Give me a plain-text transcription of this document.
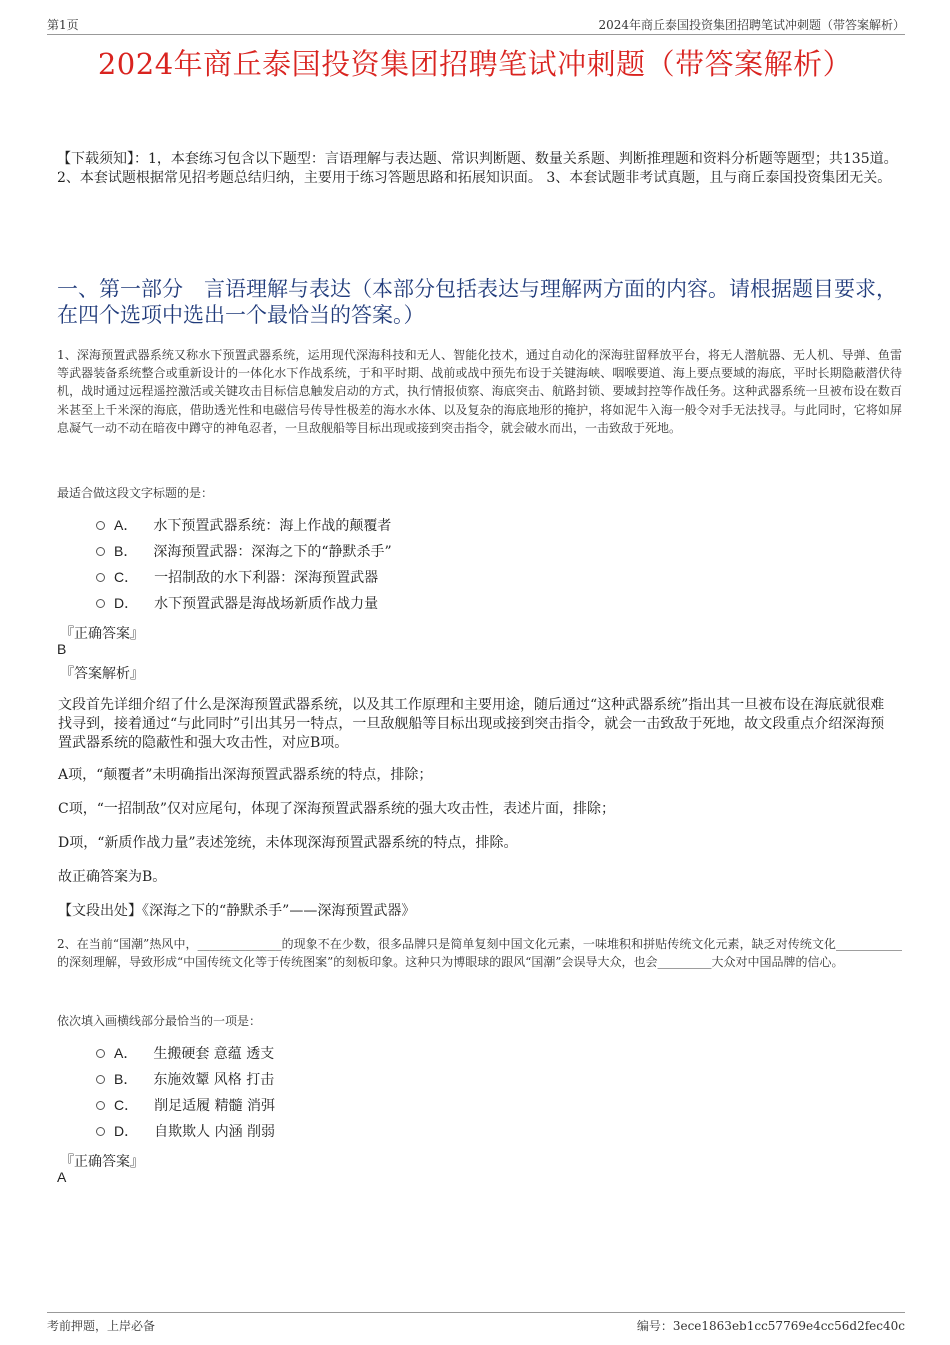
第1页	2024年商丘泰国投资集团招聘笔试冲刺题（带答案解析）
2024年商丘泰国投资集团招聘笔试冲刺题（带答案解析）
【下载须知】：1，本套练习包含以下题型：言语理解与表达题、常识判断题、数量关系题、判断推理题和资料分析题等题型；共135道。 2、本套试题根据常见招考题总结归纳，主要用于练习答题思路和拓展知识面。 3、本套试题非考试真题，且与商丘泰国投资集团无关。
一、第一部分　言语理解与表达（本部分包括表达与理解两方面的内容。请根据题目要求，在四个选项中选出一个最恰当的答案。）
1、深海预置武器系统又称水下预置武器系统，运用现代深海科技和无人、智能化技术，通过自动化的深海驻留释放平台，将无人潜航器、无人机、导弹、鱼雷等武器装备系统整合或重新设计的一体化水下作战系统，于和平时期、战前或战中预先布设于关键海峡、咽喉要道、海上要点要域的海底，平时长期隐蔽潜伏待机，战时通过远程遥控激活或关键攻击目标信息触发启动的方式，执行情报侦察、海底突击、航路封锁、要域封控等作战任务。这种武器系统一旦被布设在数百米甚至上千米深的海底，借助透光性和电磁信号传导性极差的海水水体、以及复杂的海底地形的掩护，将如泥牛入海一般令对手无法找寻。与此同时，它将如屏息凝气一动不动在暗夜中蹲守的神龟忍者，一旦敌舰船等目标出现或接到突击指令，就会破水而出，一击致敌于死地。
最适合做这段文字标题的是：
A． 水下预置武器系统：海上作战的颠覆者
B． 深海预置武器：深海之下的“静默杀手”
C． 一招制敌的水下利器：深海预置武器
D． 水下预置武器是海战场新质作战力量
『正确答案』
B
『答案解析』
文段首先详细介绍了什么是深海预置武器系统，以及其工作原理和主要用途，随后通过“这种武器系统”指出其一旦被布设在海底就很难找寻到，接着通过“与此同时”引出其另一特点，一旦敌舰船等目标出现或接到突击指令，就会一击致敌于死地，故文段重点介绍深海预置武器系统的隐蔽性和强大攻击性，对应B项。
A项，“颠覆者”未明确指出深海预置武器系统的特点，排除；
C项，“一招制敌”仅对应尾句，体现了深海预置武器系统的强大攻击性，表述片面，排除；
D项，“新质作战力量”表述笼统，未体现深海预置武器系统的特点，排除。
故正确答案为B。
【文段出处】《深海之下的“静默杀手”——深海预置武器》
2、在当前“国潮”热风中，______________的现象不在少数，很多品牌只是简单复刻中国文化元素，一味堆积和拼贴传统文化元素，缺乏对传统文化___________的深刻理解，导致形成“中国传统文化等于传统图案”的刻板印象。这种只为博眼球的跟风“国潮”会误导大众，也会_________大众对中国品牌的信心。
依次填入画横线部分最恰当的一项是：
A． 生搬硬套 意蕴 透支
B． 东施效颦 风格 打击
C． 削足适履 精髓 消弭
D． 自欺欺人 内涵 削弱
『正确答案』
A
考前押题，上岸必备	编号：3ece1863eb1cc57769e4cc56d2fec40c
